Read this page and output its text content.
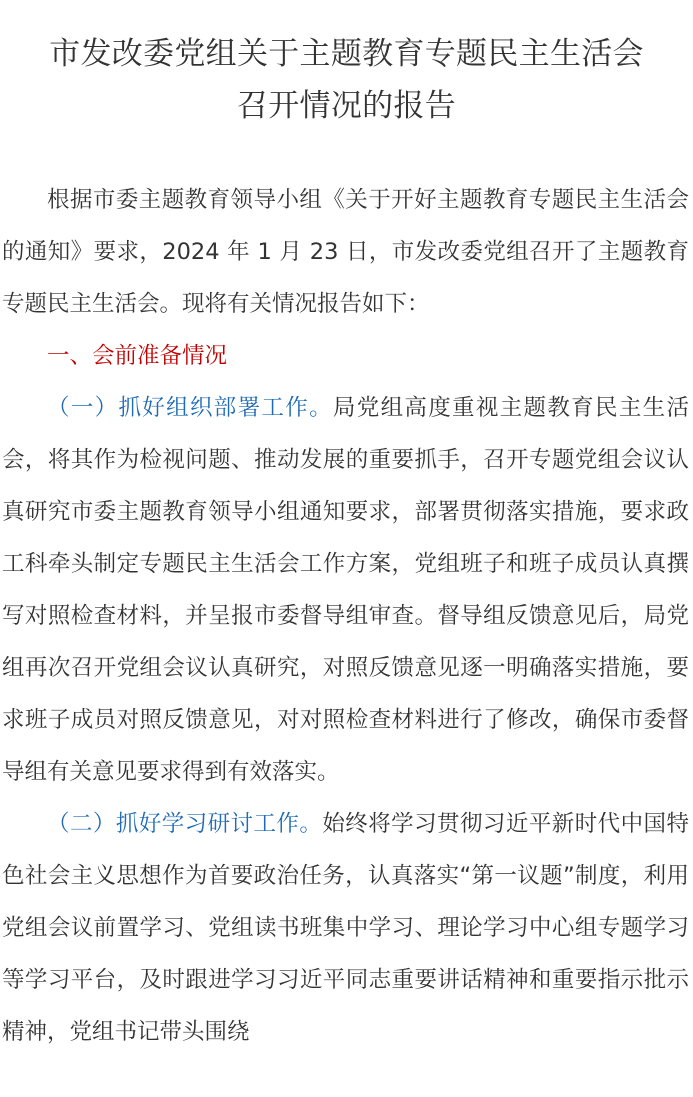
市发改委党组关于主题教育专题民主生活会
召开情况的报告

根据市委主题教育领导小组《关于开好主题教育专题民主生活会的通知》要求，2024 年 1 月 23 日，市发改委党组召开了主题教育专题民主生活会。现将有关情况报告如下：

一、会前准备情况

（一）抓好组织部署工作。局党组高度重视主题教育民主生活会，将其作为检视问题、推动发展的重要抓手，召开专题党组会议认真研究市委主题教育领导小组通知要求，部署贯彻落实措施，要求政工科牵头制定专题民主生活会工作方案，党组班子和班子成员认真撰写对照检查材料，并呈报市委督导组审查。督导组反馈意见后，局党组再次召开党组会议认真研究，对照反馈意见逐一明确落实措施，要求班子成员对照反馈意见，对对照检查材料进行了修改，确保市委督导组有关意见要求得到有效落实。

（二）抓好学习研讨工作。始终将学习贯彻习近平新时代中国特色社会主义思想作为首要政治任务，认真落实“第一议题”制度，利用党组会议前置学习、党组读书班集中学习、理论学习中心组专题学习等学习平台，及时跟进学习习近平同志重要讲话精神和重要指示批示精神，党组书记带头围绕
